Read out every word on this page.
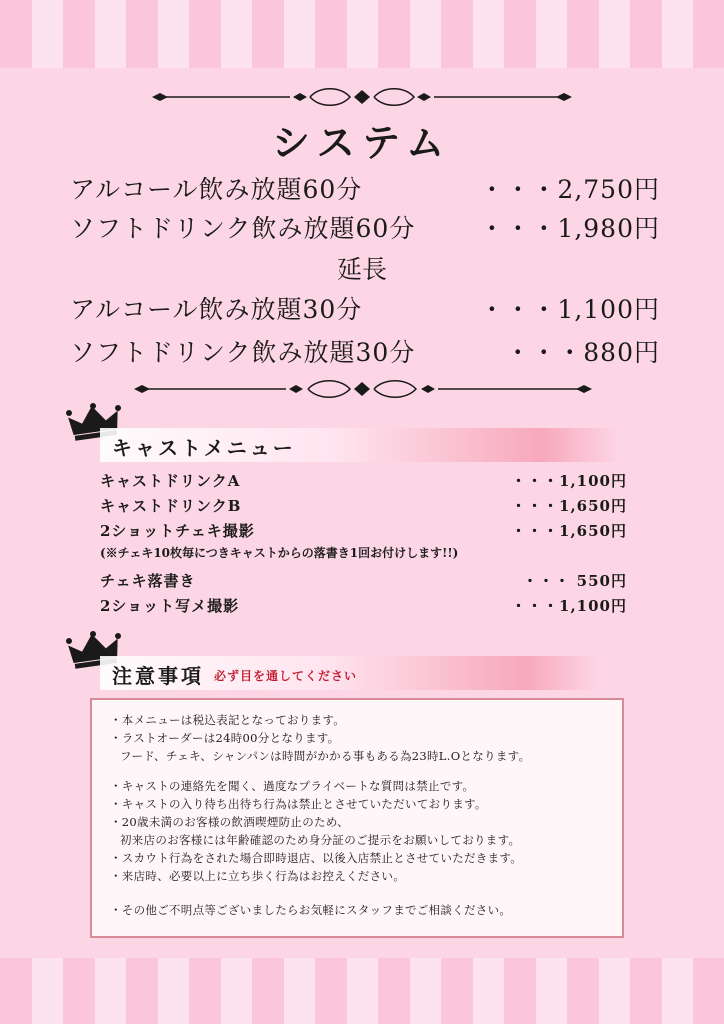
システム
アルコール飲み放題60分	・・・2,750円
ソフトドリンク飲み放題60分	・・・1,980円
延長
アルコール飲み放題30分	・・・1,100円
ソフトドリンク飲み放題30分	・・・880円
キャストメニュー
キャストドリンクA	・・・1,100円
キャストドリンクB	・・・1,650円
2ショットチェキ撮影	・・・1,650円
(※チェキ10枚毎につきキャストからの落書き1回お付けします!!)
チェキ落書き	・・・ 550円
2ショット写メ撮影	・・・1,100円
注意事項 必ず目を通してください
・本メニューは税込表記となっております。
・ラストオーダーは24時00分となります。
フード、チェキ、シャンパンは時間がかかる事もある為23時L.Oとなります。
・キャストの連絡先を聞く、過度なプライベートな質問は禁止です。
・キャストの入り待ち出待ち行為は禁止とさせていただいております。
・20歳未満のお客様の飲酒喫煙防止のため、
初来店のお客様には年齢確認のため身分証のご提示をお願いしております。
・スカウト行為をされた場合即時退店、以後入店禁止とさせていただきます。
・来店時、必要以上に立ち歩く行為はお控えください。
・その他ご不明点等ございましたらお気軽にスタッフまでご相談ください。
